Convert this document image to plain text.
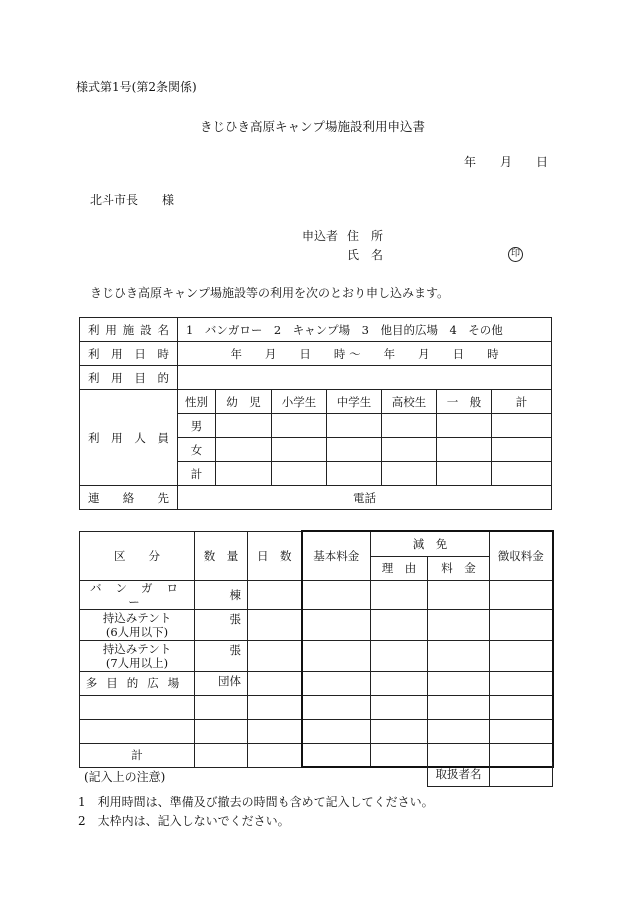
様式第1号(第2条関係)
きじひき高原キャンプ場施設利用申込書
年 月 日
北斗市長　　様
申込者 住　所
氏　名	印
きじひき高原キャンプ場施設等の利用を次のとおり申し込みます。
利用施設名	1　バンガロー　2　キャンプ場　3　他目的広場　4　その他						
利用日時	年　　月　　日　　時 〜　　年　　月　　日　　時						
利用目的							
利用人員	性別	幼　児	小学生	中学生	高校生	一　般	計
	男						
	女						
	計						
連絡先	電話						
区　　分	数　量	日　数	基本料金	減　免		徴収料金
				理　由	料　金	
バンガロー	棟					
持込みテント
(6人用以下)	張					
持込みテント
(7人用以上)	張					
多目的広場	団体					

計						
取扱者名	
(記入上の注意)
1　利用時間は、準備及び撤去の時間も含めて記入してください。
2　太枠内は、記入しないでください。
